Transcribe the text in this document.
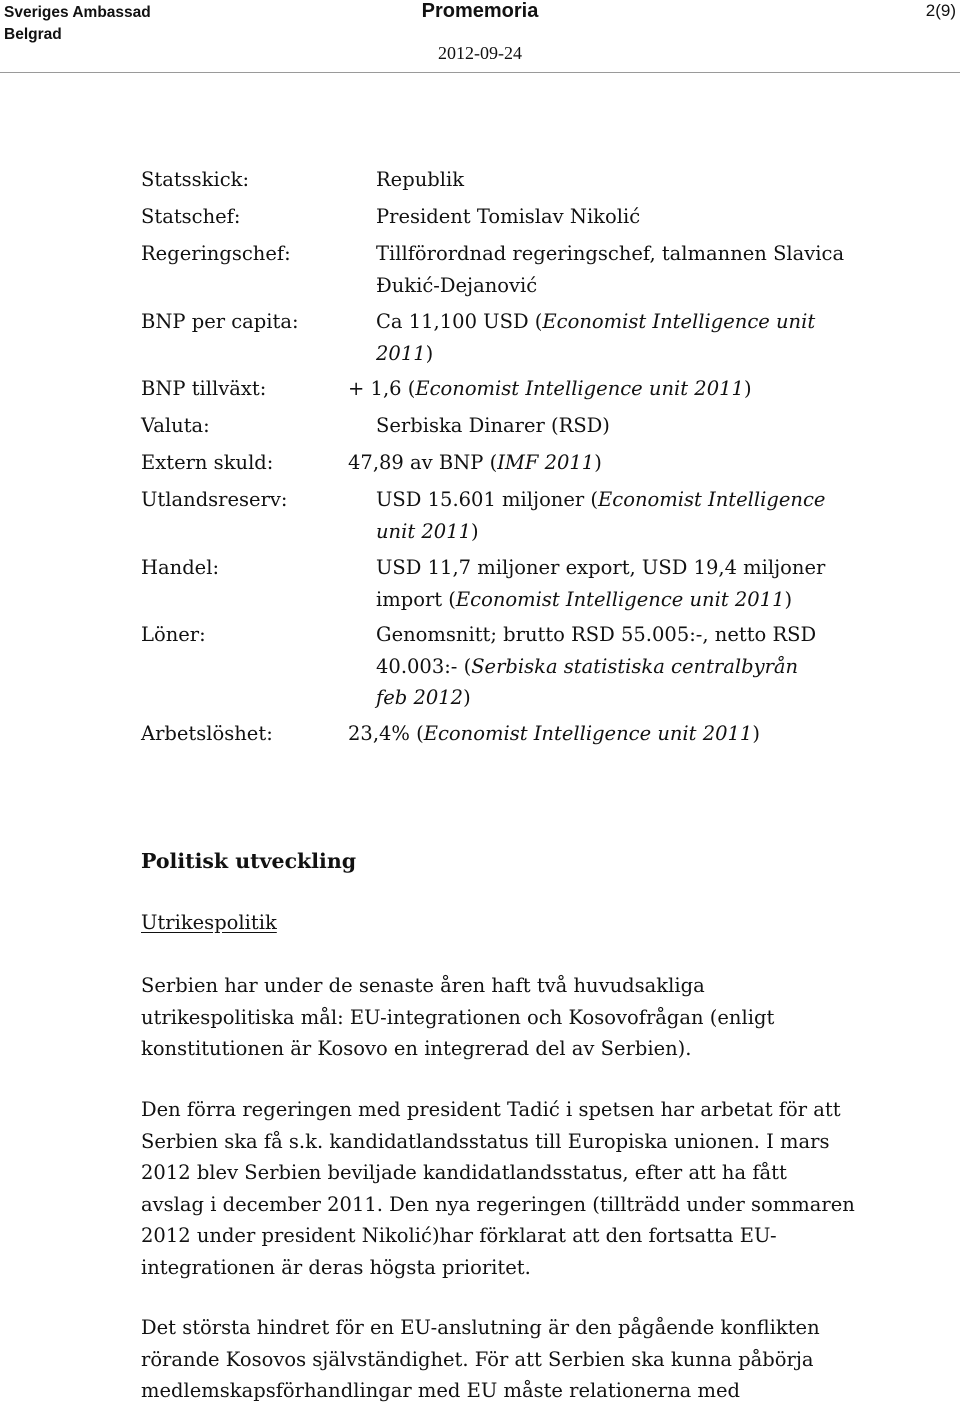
Sveriges Ambassad
Belgrad
Promemoria
2012-09-24
2(9)
Statsskick:	Republik
Statschef:	President Tomislav Nikolić
Regeringschef:	Tillförordnad regeringschef, talmannen Slavica Đukić-Dejanović
BNP per capita:	Ca 11,100 USD (Economist Intelligence unit 2011)
BNP tillväxt:	+ 1,6 (Economist Intelligence unit 2011)
Valuta:	Serbiska Dinarer (RSD)
Extern skuld:	47,89 av BNP (IMF 2011)
Utlandsreserv:	USD 15.601 miljoner (Economist Intelligence unit 2011)
Handel:	USD 11,7 miljoner export, USD 19,4 miljoner import (Economist Intelligence unit 2011)
Löner:	Genomsnitt; brutto RSD 55.005:-, netto RSD 40.003:- (Serbiska statistiska centralbyrån feb 2012)
Arbetslöshet:	23,4% (Economist Intelligence unit 2011)
Politisk utveckling
Utrikespolitik
Serbien har under de senaste åren haft två huvudsakliga utrikespolitiska mål: EU-integrationen och Kosovofrågan (enligt konstitutionen är Kosovo en integrerad del av Serbien).
Den förra regeringen med president Tadić i spetsen har arbetat för att Serbien ska få s.k. kandidatlandsstatus till Europiska unionen. I mars 2012 blev Serbien beviljade kandidatlandsstatus, efter att ha fått avslag i december 2011. Den nya regeringen (tillträdd under sommaren 2012 under president Nikolić)har förklarat att den fortsatta EU-integrationen är deras högsta prioritet.
Det största hindret för en EU-anslutning är den pågående konflikten rörande Kosovos självständighet. För att Serbien ska kunna påbörja medlemskapsförhandlingar med EU måste relationerna med
